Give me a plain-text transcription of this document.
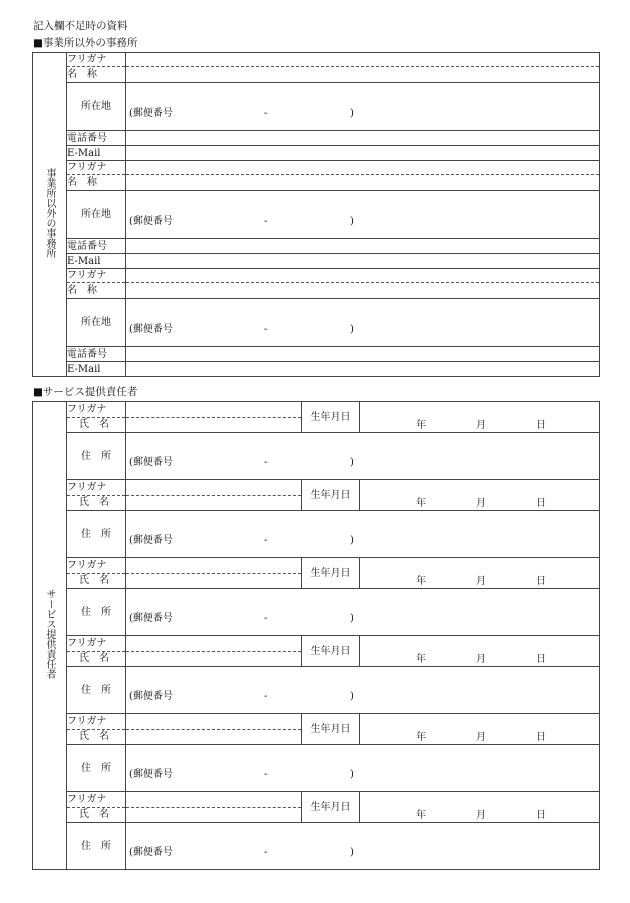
記入欄不足時の資料
■事業所以外の事務所
事業所以外の事務所	フリガナ	
	名　称	
	所在地	(郵便番号 - )

	電話番号	
	E-Mail	
	フリガナ	
	名　称	
	所在地	(郵便番号 - )

	電話番号	
	E-Mail	
	フリガナ	
	名　称	
	所在地	(郵便番号 - )

	電話番号	
	E-Mail	
■サービス提供責任者
サービス提供責任者	フリガナ		生年月日	年 月 日

	氏　名			
	住　所	(郵便番号 - )		

	フリガナ		生年月日	年 月 日

	氏　名			
	住　所	(郵便番号 - )		

	フリガナ		生年月日	年 月 日

	氏　名			
	住　所	(郵便番号 - )		

	フリガナ		生年月日	年 月 日

	氏　名			
	住　所	(郵便番号 - )		

	フリガナ		生年月日	年 月 日

	氏　名			
	住　所	(郵便番号 - )		

	フリガナ		生年月日	年 月 日

	氏　名			
	住　所	(郵便番号 - )		
